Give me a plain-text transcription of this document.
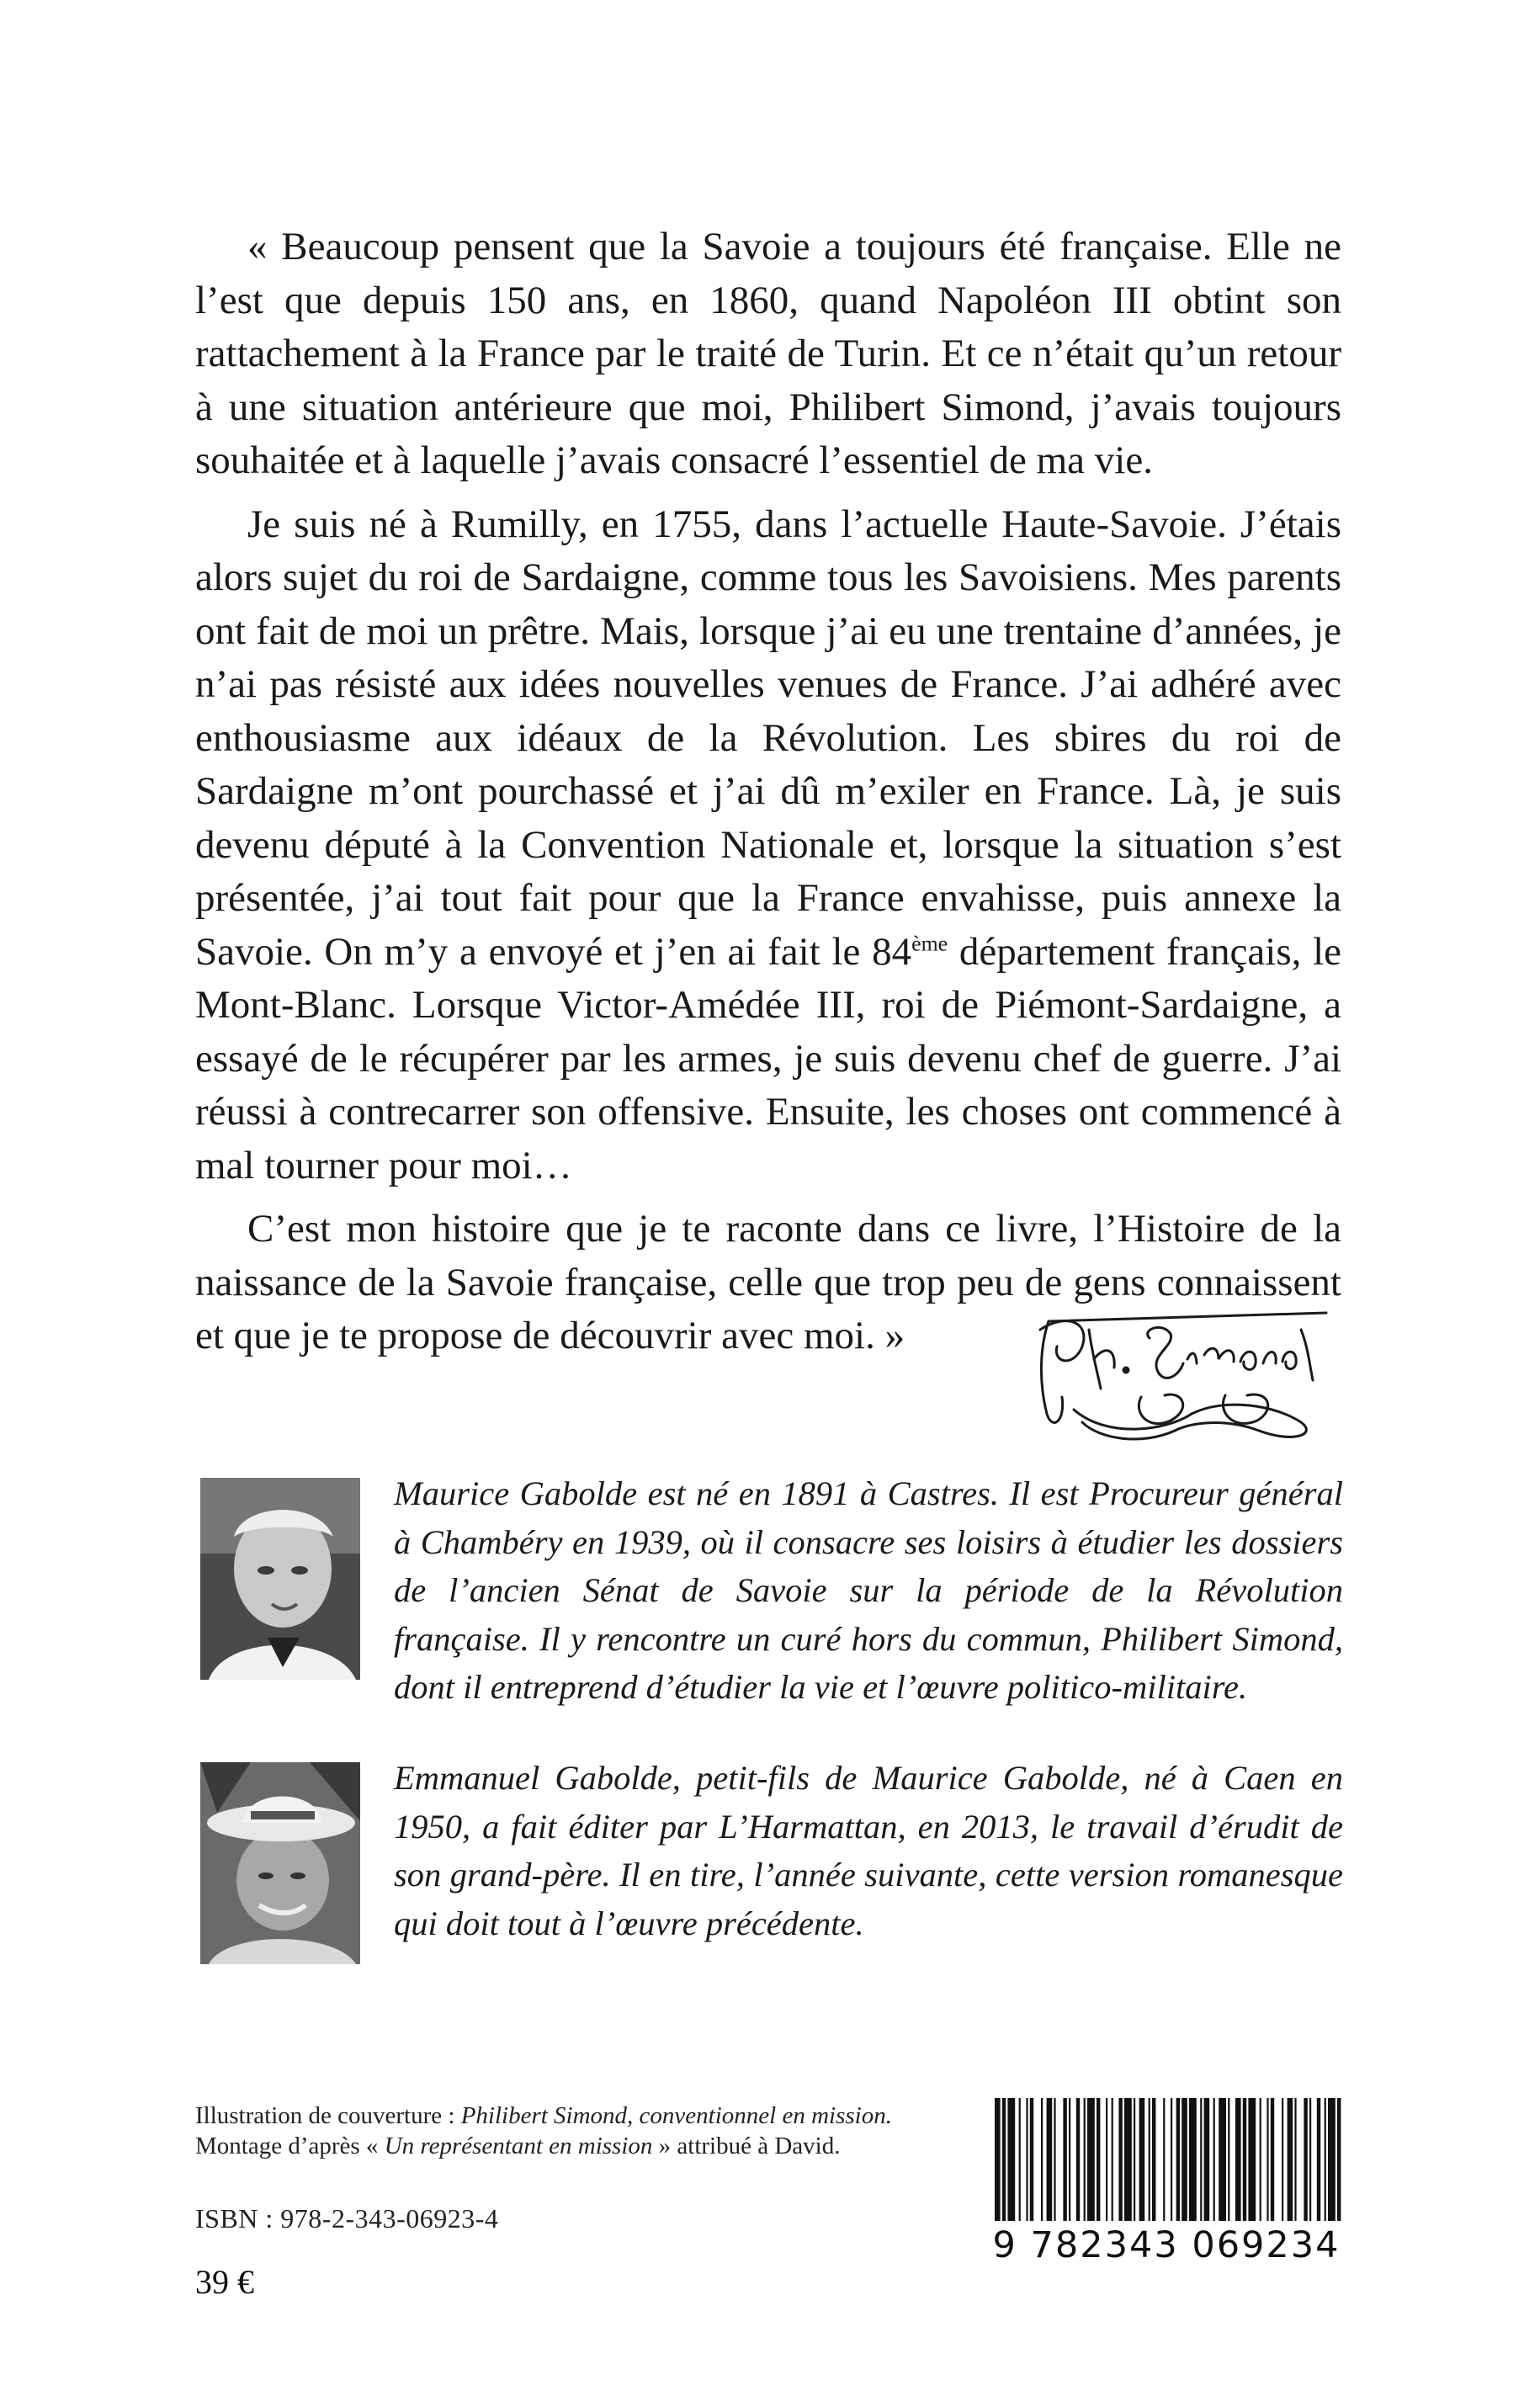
« Beaucoup pensent que la Savoie a toujours été française. Elle ne l’est que depuis 150 ans, en 1860, quand Napoléon III obtint son rattachement à la France par le traité de Turin. Et ce n’était qu’un retour à une situation antérieure que moi, Philibert Simond, j’avais toujours souhaitée et à laquelle j’avais consacré l’essentiel de ma vie.

Je suis né à Rumilly, en 1755, dans l’actuelle Haute-Savoie. J’étais alors sujet du roi de Sardaigne, comme tous les Savoisiens. Mes parents ont fait de moi un prêtre. Mais, lorsque j’ai eu une trentaine d’années, je n’ai pas résisté aux idées nouvelles venues de France. J’ai adhéré avec enthousiasme aux idéaux de la Révolution. Les sbires du roi de Sardaigne m’ont pourchassé et j’ai dû m’exiler en France. Là, je suis devenu député à la Convention Nationale et, lorsque la situation s’est présentée, j’ai tout fait pour que la France envahisse, puis annexe la Savoie. On m’y a envoyé et j’en ai fait le 84ème département français, le Mont-Blanc. Lorsque Victor-Amédée III, roi de Piémont-Sardaigne, a essayé de le récupérer par les armes, je suis devenu chef de guerre. J’ai réussi à contrecarrer son offensive. Ensuite, les choses ont commencé à mal tourner pour moi…

C’est mon histoire que je te raconte dans ce livre, l’Histoire de la naissance de la Savoie française, celle que trop peu de gens connaissent et que je te propose de découvrir avec moi. »

Maurice Gabolde est né en 1891 à Castres. Il est Procureur général à Chambéry en 1939, où il consacre ses loisirs à étudier les dossiers de l’ancien Sénat de Savoie sur la période de la Révolution française. Il y rencontre un curé hors du commun, Philibert Simond, dont il entreprend d’étudier la vie et l’œuvre politico-militaire.
Emmanuel Gabolde, petit-fils de Maurice Gabolde, né à Caen en 1950, a fait éditer par L’Harmattan, en 2013, le travail d’érudit de son grand-père. Il en tire, l’année suivante, cette version romanesque qui doit tout à l’œuvre précédente.
Illustration de couverture : Philibert Simond, conventionnel en mission.
Montage d’après « Un représentant en mission » attribué à David.
ISBN : 978-2-343-06923-4
39 €
9 782343 069234
